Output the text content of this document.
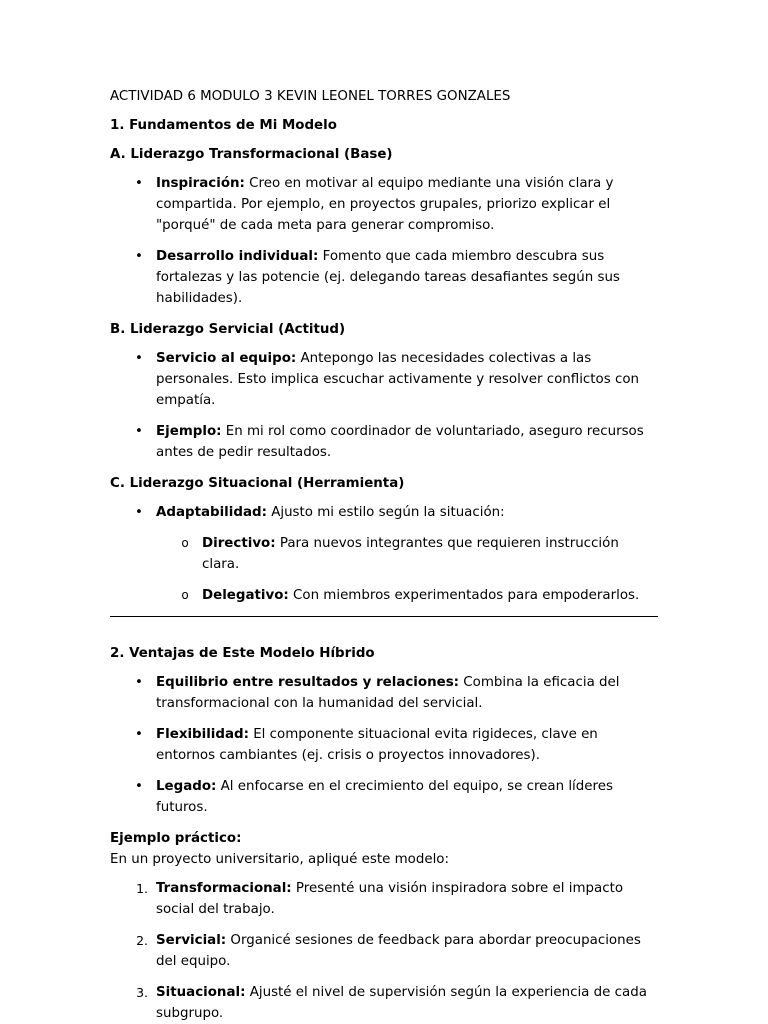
ACTIVIDAD 6 MODULO 3 KEVIN LEONEL TORRES GONZALES
1. Fundamentos de Mi Modelo
A. Liderazgo Transformacional (Base)
• Inspiración: Creo en motivar al equipo mediante una visión clara y compartida. Por ejemplo, en proyectos grupales, priorizo explicar el "porqué" de cada meta para generar compromiso.
• Desarrollo individual: Fomento que cada miembro descubra sus fortalezas y las potencie (ej. delegando tareas desafiantes según sus habilidades).
B. Liderazgo Servicial (Actitud)
• Servicio al equipo: Antepongo las necesidades colectivas a las personales. Esto implica escuchar activamente y resolver conflictos con empatía.
• Ejemplo: En mi rol como coordinador de voluntariado, aseguro recursos antes de pedir resultados.
C. Liderazgo Situacional (Herramienta)
• Adaptabilidad: Ajusto mi estilo según la situación:
o Directivo: Para nuevos integrantes que requieren instrucción clara.
o Delegativo: Con miembros experimentados para empoderarlos.
2. Ventajas de Este Modelo Híbrido
• Equilibrio entre resultados y relaciones: Combina la eficacia del transformacional con la humanidad del servicial.
• Flexibilidad: El componente situacional evita rigideces, clave en entornos cambiantes (ej. crisis o proyectos innovadores).
• Legado: Al enfocarse en el crecimiento del equipo, se crean líderes futuros.
Ejemplo práctico:
En un proyecto universitario, apliqué este modelo:
1. Transformacional: Presenté una visión inspiradora sobre el impacto social del trabajo.
2. Servicial: Organicé sesiones de feedback para abordar preocupaciones del equipo.
3. Situacional: Ajusté el nivel de supervisión según la experiencia de cada subgrupo.
